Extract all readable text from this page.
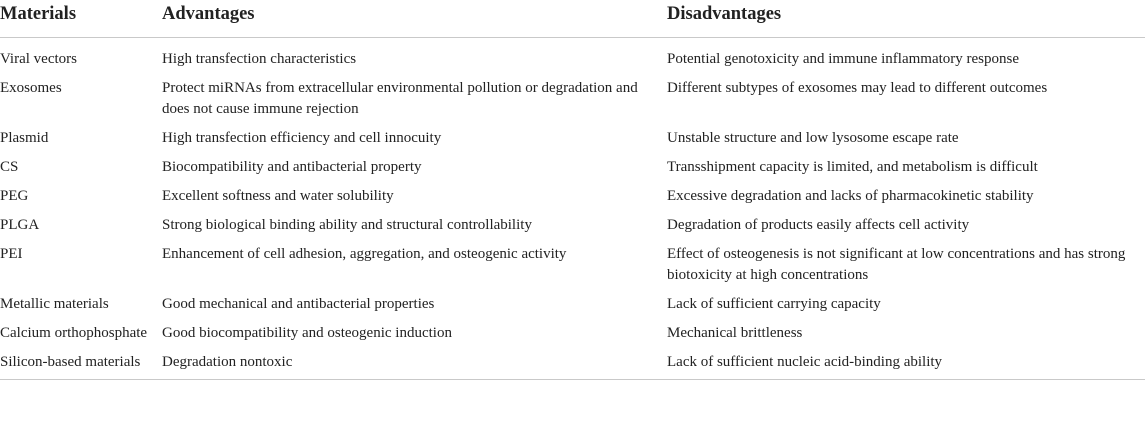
Materials	Advantages	Disadvantages
Viral vectors	High transfection characteristics	Potential genotoxicity and immune inflammatory response
Exosomes	Protect miRNAs from extracellular environmental pollution or degradation and does not cause immune rejection	Different subtypes of exosomes may lead to different outcomes
Plasmid	High transfection efficiency and cell innocuity	Unstable structure and low lysosome escape rate
CS	Biocompatibility and antibacterial property	Transshipment capacity is limited, and metabolism is difficult
PEG	Excellent softness and water solubility	Excessive degradation and lacks of pharmacokinetic stability
PLGA	Strong biological binding ability and structural controllability	Degradation of products easily affects cell activity
PEI	Enhancement of cell adhesion, aggregation, and osteogenic activity	Effect of osteogenesis is not significant at low concentrations and has strong biotoxicity at high concentrations
Metallic materials	Good mechanical and antibacterial properties	Lack of sufficient carrying capacity
Calcium orthophosphate	Good biocompatibility and osteogenic induction	Mechanical brittleness
Silicon-based materials	Degradation nontoxic	Lack of sufficient nucleic acid-binding ability
